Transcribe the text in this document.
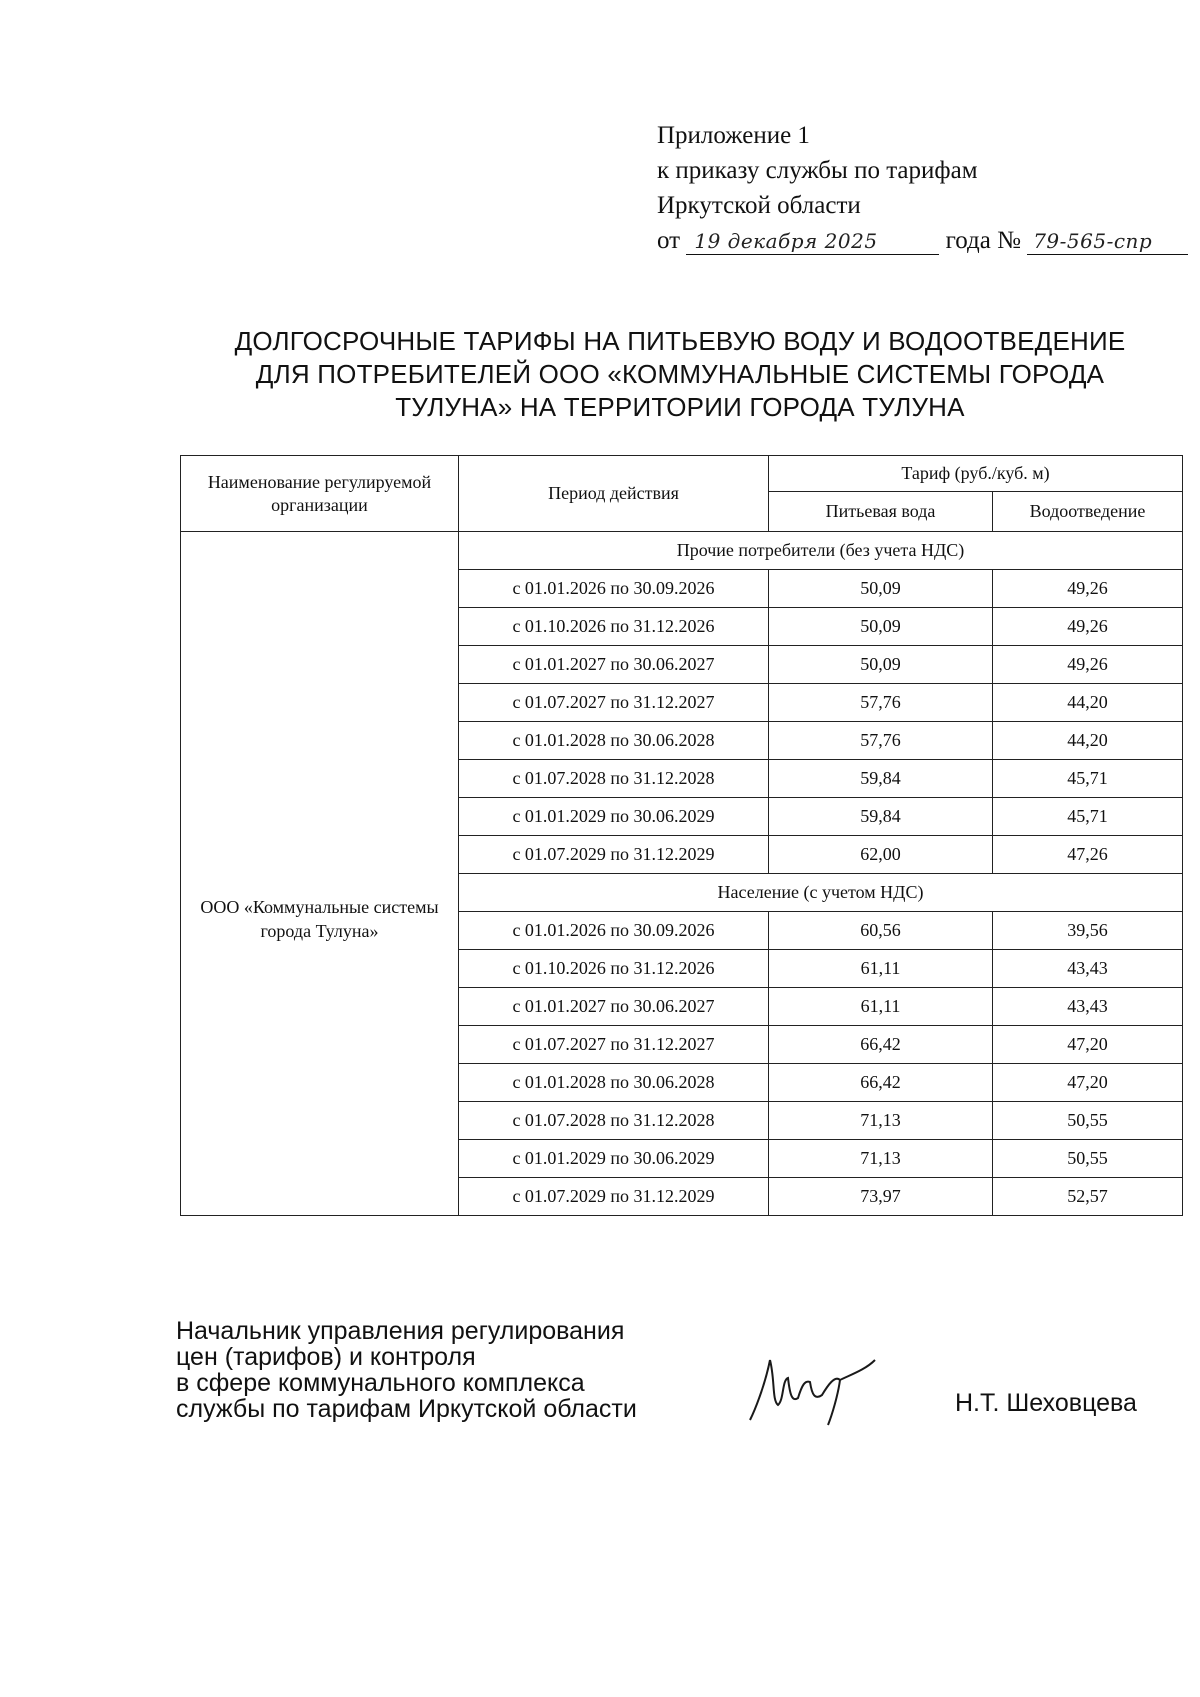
Приложение 1
к приказу службы по тарифам
Иркутской области
от 19 декабря 2025	года № 79-565-спр
ДОЛГОСРОЧНЫЕ ТАРИФЫ НА ПИТЬЕВУЮ ВОДУ И ВОДООТВЕДЕНИЕ
ДЛЯ ПОТРЕБИТЕЛЕЙ ООО «КОММУНАЛЬНЫЕ СИСТЕМЫ ГОРОДА
ТУЛУНА» НА ТЕРРИТОРИИ ГОРОДА ТУЛУНА
Наименование регулируемой организации	Период действия	Тариф (руб./куб. м)	
		Питьевая вода	Водоотведение
ООО «Коммунальные системы города Тулуна»	Прочие потребители (без учета НДС)		
	с 01.01.2026 по 30.09.2026	50,09	49,26
	с 01.10.2026 по 31.12.2026	50,09	49,26
	с 01.01.2027 по 30.06.2027	50,09	49,26
	с 01.07.2027 по 31.12.2027	57,76	44,20
	с 01.01.2028 по 30.06.2028	57,76	44,20
	с 01.07.2028 по 31.12.2028	59,84	45,71
	с 01.01.2029 по 30.06.2029	59,84	45,71
	с 01.07.2029 по 31.12.2029	62,00	47,26
	Население (с учетом НДС)		
	с 01.01.2026 по 30.09.2026	60,56	39,56
	с 01.10.2026 по 31.12.2026	61,11	43,43
	с 01.01.2027 по 30.06.2027	61,11	43,43
	с 01.07.2027 по 31.12.2027	66,42	47,20
	с 01.01.2028 по 30.06.2028	66,42	47,20
	с 01.07.2028 по 31.12.2028	71,13	50,55
	с 01.01.2029 по 30.06.2029	71,13	50,55
	с 01.07.2029 по 31.12.2029	73,97	52,57
Начальник управления регулирования
цен (тарифов) и контроля
в сфере коммунального комплекса
службы по тарифам Иркутской области	Н.Т. Шеховцева
